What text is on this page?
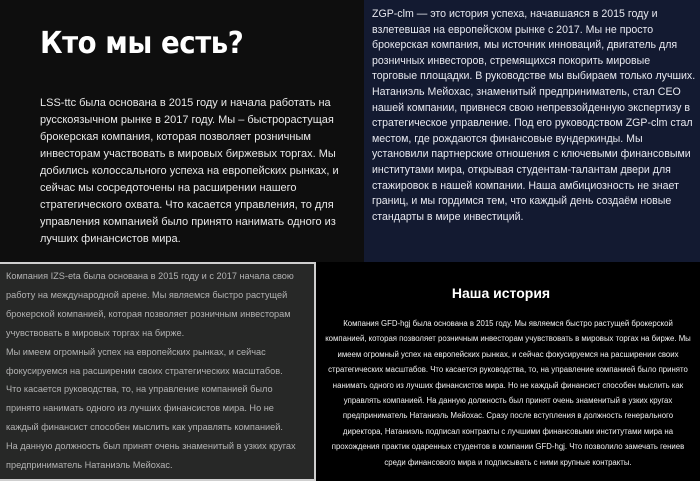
Кто мы есть?

LSS-ttc была основана в 2015 году и начала работать на русскоязычном рынке в 2017 году. Мы – быстрорастущая брокерская компания, которая позволяет розничным инвесторам участвовать в мировых биржевых торгах. Мы добились колоссального успеха на европейских рынках, и сейчас мы сосредоточены на расширении нашего стратегического охвата. Что касается управления, то для управления компанией было принято нанимать одного из лучших финансистов мира.

ZGP-clm — это история успеха, начавшаяся в 2015 году и взлетевшая на европейском рынке с 2017. Мы не просто брокерская компания, мы источник инноваций, двигатель для розничных инвесторов, стремящихся покорить мировые торговые площадки. В руководстве мы выбираем только лучших. Натаниэль Мейохас, знаменитый предприниматель, стал CEO нашей компании, привнеся свою непревзойденную экспертизу в стратегическое управление. Под его руководством ZGP-clm стал местом, где рождаются финансовые вундеркинды. Мы установили партнерские отношения с ключевыми финансовыми институтами мира, открывая студентам-талантам двери для стажировок в нашей компании. Наша амбициозность не знает границ, и мы гордимся тем, что каждый день создаём новые стандарты в мире инвестиций.

Компания IZS-eta была основана в 2015 году и с 2017 начала свою работу на международной арене. Мы являемся быстро растущей брокерской компанией, которая позволяет розничным инвесторам учувствовать в мировых торгах на бирже.
Мы имеем огромный успех на европейских рынках, и сейчас фокусируемся на расширении своих стратегических масштабов.
Что касается руководства, то, на управление компанией было принято нанимать одного из лучших финансистов мира. Но не каждый финансист способен мыслить как управлять компанией.
На данную должность был принят очень знаменитый в узких кругах предприниматель Натаниэль Мейохас.
Наша история

Компания GFD-hgj была основана в 2015 году. Мы являемся быстро растущей брокерской компанией, которая позволяет розничным инвесторам учувствовать в мировых торгах на бирже. Мы имеем огромный успех на европейских рынках, и сейчас фокусируемся на расширении своих стратегических масштабов. Что касается руководства, то, на управление компанией было принято нанимать одного из лучших финансистов мира. Но не каждый финансист способен мыслить как управлять компанией. На данную должность был принят очень знаменитый в узких кругах предприниматель Натаниэль Мейохас. Сразу после вступления в должность генерального директора, Натаниэль подписал контракты с лучшими финансовыми институтами мира на прохождения практик одаренных студентов в компании GFD-hgj. Что позволило замечать гениев среди финансового мира и подписывать с ними крупные контракты.
